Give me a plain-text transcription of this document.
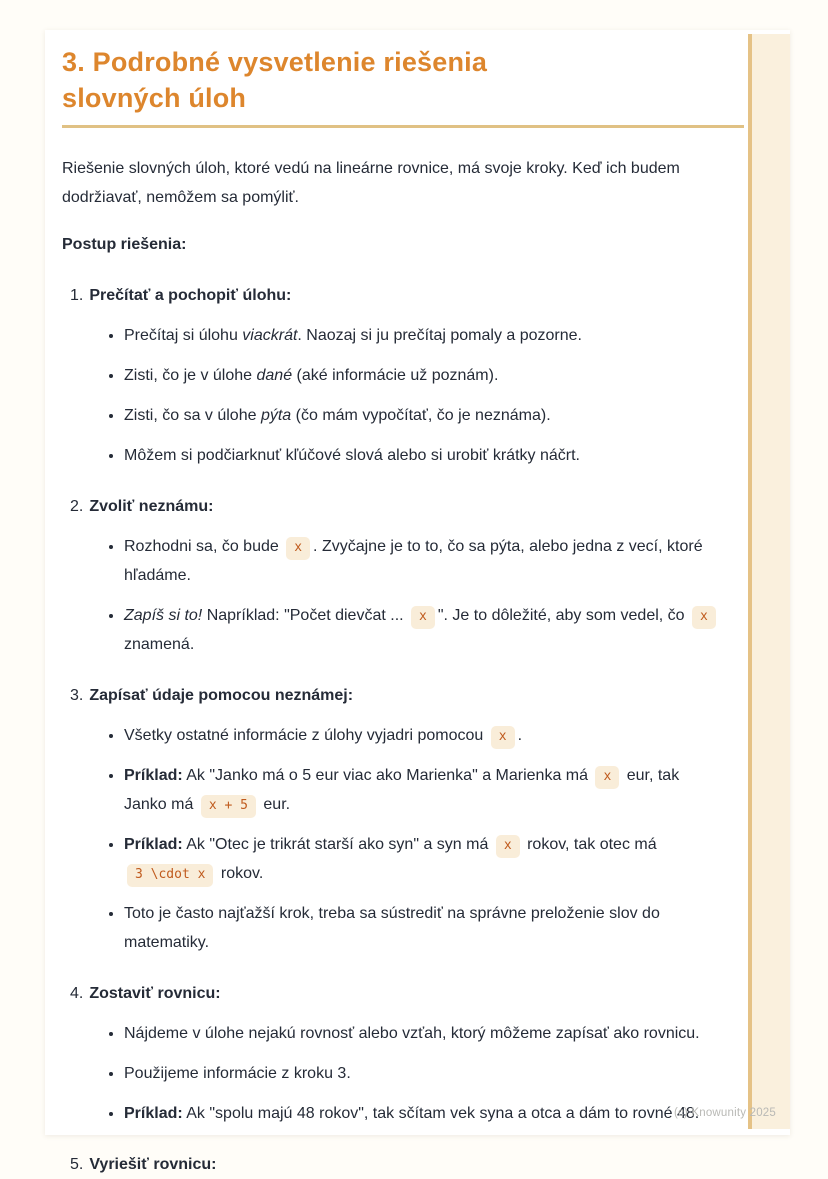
3. Podrobné vysvetlenie riešenia
slovných úloh

Riešenie slovných úloh, ktoré vedú na lineárne rovnice, má svoje kroky. Keď ich budem dodržiavať, nemôžem sa pomýliť.

Postup riešenia:

1. Prečítať a pochopiť úlohu:
• Prečítaj si úlohu viackrát. Naozaj si ju prečítaj pomaly a pozorne.
• Zisti, čo je v úlohe dané (aké informácie už poznám).
• Zisti, čo sa v úlohe pýta (čo mám vypočítať, čo je neznáma).
• Môžem si podčiarknuť kľúčové slová alebo si urobiť krátky náčrt.
2. Zvoliť neznámu:
• Rozhodni sa, čo bude x . Zvyčajne je to to, čo sa pýta, alebo jedna z vecí, ktoré hľadáme.
• Zapíš si to! Napríklad: "Počet dievčat ... x ". Je to dôležité, aby som vedel, čo x znamená.
3. Zapísať údaje pomocou neznámej:
• Všetky ostatné informácie z úlohy vyjadri pomocou x .
• Príklad: Ak "Janko má o 5 eur viac ako Marienka" a Marienka má x eur, tak Janko má x + 5 eur.
• Príklad: Ak "Otec je trikrát starší ako syn" a syn má x rokov, tak otec má 3 \cdot x rokov.
• Toto je často najťažší krok, treba sa sústrediť na správne preloženie slov do matematiky.
4. Zostaviť rovnicu:
• Nájdeme v úlohe nejakú rovnosť alebo vzťah, ktorý môžeme zapísať ako rovnicu.
• Použijeme informácie z kroku 3.
• Príklad: Ak "spolu majú 48 rokov", tak sčítam vek syna a otca a dám to rovné 48.
5. Vyriešiť rovnicu:
(c) Knowunity 2025
